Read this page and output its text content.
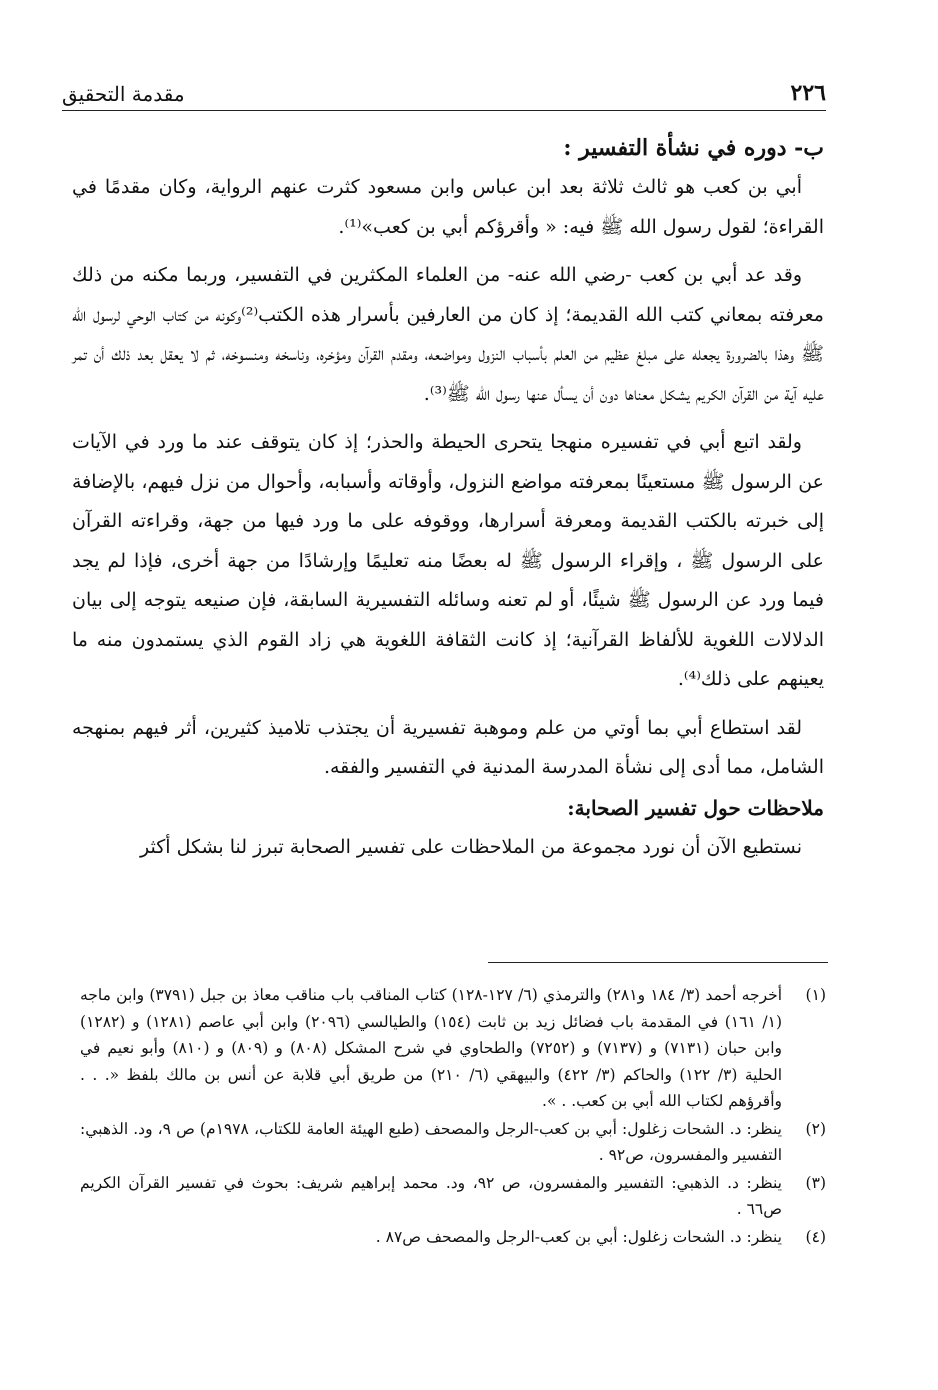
٢٢٦
مقدمة التحقيق
ب- دوره في نشأة التفسير :

أبي بن كعب هو ثالث ثلاثة بعد ابن عباس وابن مسعود كثرت عنهم الرواية، وكان مقدمًا في القراءة؛ لقول رسول الله ﷺ فيه: « وأقرؤكم أبي بن كعب»⁽¹⁾.

وقد عد أبي بن كعب -رضي الله عنه- من العلماء المكثرين في التفسير، وربما مكنه من ذلك معرفته بمعاني كتب الله القديمة؛ إذ كان من العارفين بأسرار هذه الكتب⁽²⁾وكونه من كتاب الوحي لرسول الله ﷺ وهذا بالضرورة يجعله على مبلغ عظيم من العلم بأسباب النزول ومواضعه، ومقدم القرآن ومؤخره، وناسخه ومنسوخه، ثم لا يعقل بعد ذلك أن تمر عليه آية من القرآن الكريم يشكل معناها دون أن يسأل عنها رسول الله ﷺ⁽³⁾.

ولقد اتبع أبي في تفسيره منهجا يتحرى الحيطة والحذر؛ إذ كان يتوقف عند ما ورد في الآيات عن الرسول ﷺ مستعينًا بمعرفته مواضع النزول، وأوقاته وأسبابه، وأحوال من نزل فيهم، بالإضافة إلى خبرته بالكتب القديمة ومعرفة أسرارها، ووقوفه على ما ورد فيها من جهة، وقراءته القرآن على الرسول ﷺ ، وإقراء الرسول ﷺ له بعضًا منه تعليمًا وإرشادًا من جهة أخرى، فإذا لم يجد فيما ورد عن الرسول ﷺ شيئًا، أو لم تعنه وسائله التفسيرية السابقة، فإن صنيعه يتوجه إلى بيان الدلالات اللغوية للألفاظ القرآنية؛ إذ كانت الثقافة اللغوية هي زاد القوم الذي يستمدون منه ما يعينهم على ذلك⁽⁴⁾.

لقد استطاع أبي بما أوتي من علم وموهبة تفسيرية أن يجتذب تلاميذ كثيرين، أثر فيهم بمنهجه الشامل، مما أدى إلى نشأة المدرسة المدنية في التفسير والفقه.

ملاحظات حول تفسير الصحابة:

نستطيع الآن أن نورد مجموعة من الملاحظات على تفسير الصحابة تبرز لنا بشكل أكثر

(١)
أخرجه أحمد (٣/ ١٨٤ و٢٨١) والترمذي (٦/ ١٢٧-١٢٨) كتاب المناقب باب مناقب معاذ بن جبل (٣٧٩١) وابن ماجه (١/ ١٦١) في المقدمة باب فضائل زيد بن ثابت (١٥٤) والطيالسي (٢٠٩٦) وابن أبي عاصم (١٢٨١) و (١٢٨٢) وابن حبان (٧١٣١) و (٧١٣٧) و (٧٢٥٢) والطحاوي في شرح المشكل (٨٠٨) و (٨٠٩) و (٨١٠) وأبو نعيم في الحلية (٣/ ١٢٢) والحاكم (٣/ ٤٢٢) والبيهقي (٦/ ٢١٠) من طريق أبي قلابة عن أنس بن مالك بلفظ «. . . وأقرؤهم لكتاب الله أبي بن كعب. . ».
(٢)
ينظر: د. الشحات زغلول: أبي بن كعب-الرجل والمصحف (طبع الهيئة العامة للكتاب، ١٩٧٨م) ص ٩، ود. الذهبي: التفسير والمفسرون، ص٩٢ .
(٣)
ينظر: د. الذهبي: التفسير والمفسرون، ص ٩٢، ود. محمد إبراهيم شريف: بحوث في تفسير القرآن الكريم ص٦٦ .
(٤)
ينظر: د. الشحات زغلول: أبي بن كعب-الرجل والمصحف ص٨٧ .
